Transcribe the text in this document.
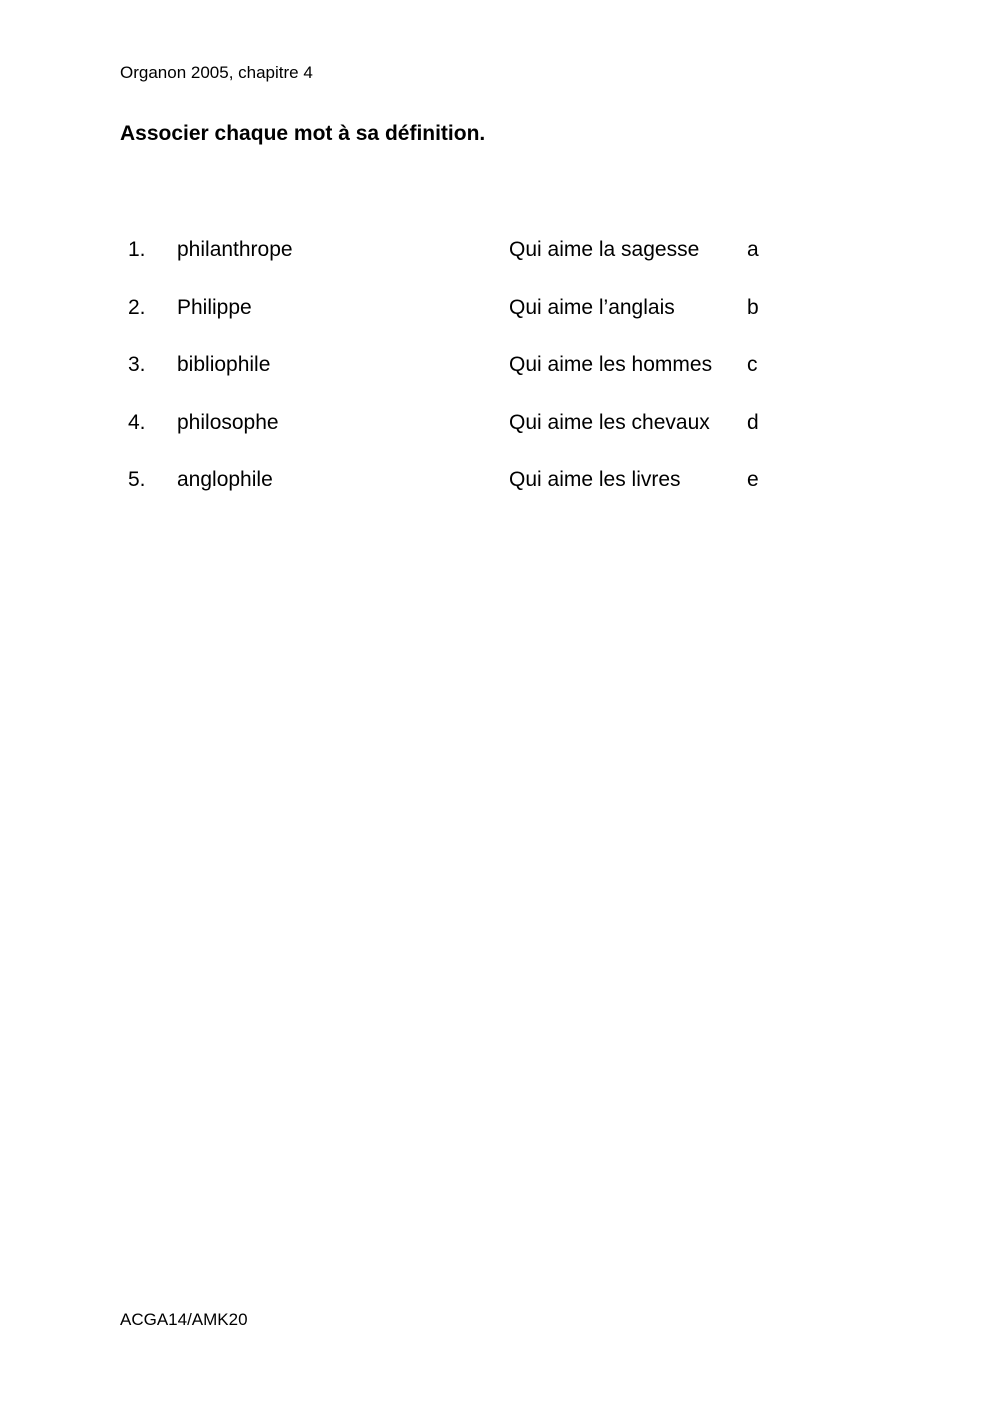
Organon 2005, chapitre 4
Associer chaque mot à sa définition.
1. philanthrope	Qui aime la sagesse a
2. Philippe	Qui aime l’anglais	b
3. bibliophile	Qui aime les hommes c
4. philosophe	Qui aime les chevaux d
5. anglophile	Qui aime les livres	e
ACGA14/AMK20
